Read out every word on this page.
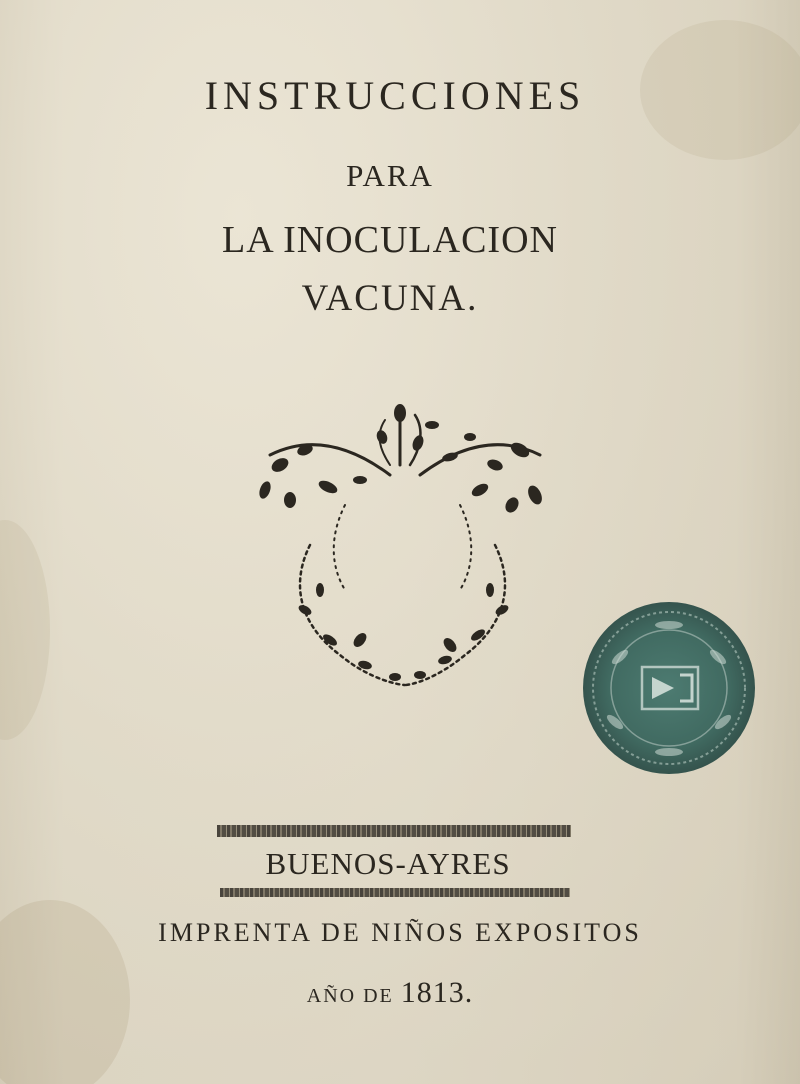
INSTRUCCIONES
PARA
LA INOCULACION
VACUNA.
BUENOS-AYRES
IMPRENTA DE NIÑOS EXPOSITOS
AÑO DE 1813.
